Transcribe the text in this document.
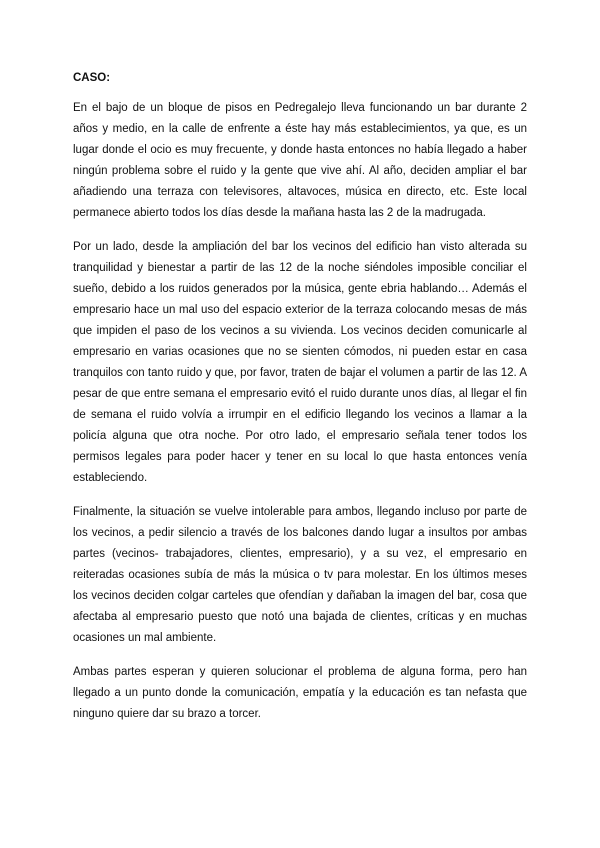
CASO:

En el bajo de un bloque de pisos en Pedregalejo lleva funcionando un bar durante 2 años y medio, en la calle de enfrente a éste hay más establecimientos, ya que, es un lugar donde el ocio es muy frecuente, y donde hasta entonces no había llegado a haber ningún problema sobre el ruido y la gente que vive ahí. Al año, deciden ampliar el bar añadiendo una terraza con televisores, altavoces, música en directo, etc. Este local permanece abierto todos los días desde la mañana hasta las 2 de la madrugada.

Por un lado, desde la ampliación del bar los vecinos del edificio han visto alterada su tranquilidad y bienestar a partir de las 12 de la noche siéndoles imposible conciliar el sueño, debido a los ruidos generados por la música, gente ebria hablando… Además el empresario hace un mal uso del espacio exterior de la terraza colocando mesas de más que impiden el paso de los vecinos a su vivienda. Los vecinos deciden comunicarle al empresario en varias ocasiones que no se sienten cómodos, ni pueden estar en casa tranquilos con tanto ruido y que, por favor, traten de bajar el volumen a partir de las 12. A pesar de que entre semana el empresario evitó el ruido durante unos días, al llegar el fin de semana el ruido volvía a irrumpir en el edificio llegando los vecinos a llamar a la policía alguna que otra noche. Por otro lado, el empresario señala tener todos los permisos legales para poder hacer y tener en su local lo que hasta entonces venía estableciendo.

Finalmente, la situación se vuelve intolerable para ambos, llegando incluso por parte de los vecinos, a pedir silencio a través de los balcones dando lugar a insultos por ambas partes (vecinos- trabajadores, clientes, empresario), y a su vez, el empresario en reiteradas ocasiones subía de más la música o tv para molestar. En los últimos meses los vecinos deciden colgar carteles que ofendían y dañaban la imagen del bar, cosa que afectaba al empresario puesto que notó una bajada de clientes, críticas y en muchas ocasiones un mal ambiente.

Ambas partes esperan y quieren solucionar el problema de alguna forma, pero han llegado a un punto donde la comunicación, empatía y la educación es tan nefasta que ninguno quiere dar su brazo a torcer.
